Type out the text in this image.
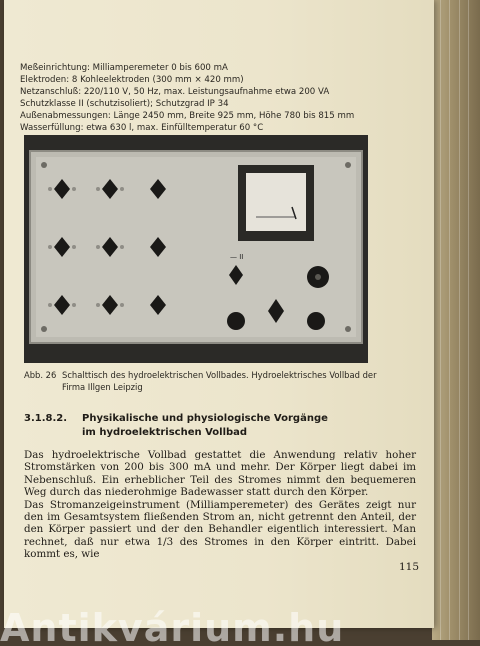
Meßeinrichtung: Milliamperemeter 0 bis 600 mA
Elektroden: 8 Kohleelektroden (300 mm × 420 mm)
Netzanschluß: 220/110 V, 50 Hz, max. Leistungsaufnahme etwa 200 VA
Schutzklasse II (schutzisoliert); Schutzgrad IP 34
Außenabmessungen: Länge 2450 mm, Breite 925 mm, Höhe 780 bis 815 mm
Wasserfüllung: etwa 630 l, max. Einfülltemperatur 60 °C
— II
Abb. 26 Schalttisch des hydroelektrischen Vollbades. Hydroelektrisches Vollbad der
Firma Illgen Leipzig
3.1.8.2. Physikalische und physiologische Vorgänge
im hydroelektrischen Vollbad

Das hydroelektrische Vollbad gestattet die Anwendung relativ hoher Stromstärken von 200 bis 300 mA und mehr. Der Körper liegt dabei im Nebenschluß. Ein erheblicher Teil des Stromes nimmt den bequemeren Weg durch das niederohmige Badewasser statt durch den Körper.

Das Stromanzeigeinstrument (Milliamperemeter) des Gerätes zeigt nur den im Gesamtsystem fließenden Strom an, nicht getrennt den Anteil, der den Körper passiert und der den Behandler eigentlich interessiert. Man rechnet, daß nur etwa 1/3 des Stromes in den Körper eintritt. Dabei kommt es, wie

115
Antikvárium.hu
